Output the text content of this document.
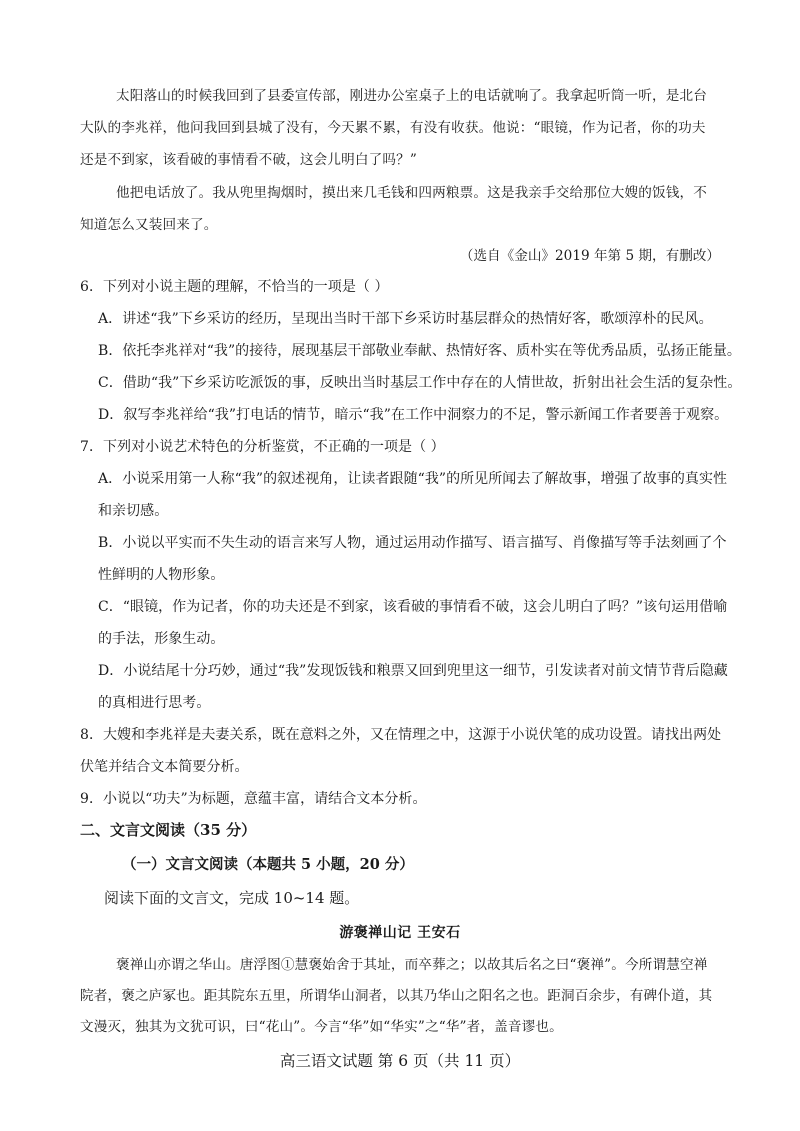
太阳落山的时候我回到了县委宣传部，刚进办公室桌子上的电话就响了。我拿起听筒一听，是北台
大队的李兆祥，他问我回到县城了没有，今天累不累，有没有收获。他说：“眼镜，作为记者，你的功夫
还是不到家，该看破的事情看不破，这会儿明白了吗？”
他把电话放了。我从兜里掏烟时，摸出来几毛钱和四两粮票。这是我亲手交给那位大嫂的饭钱，不
知道怎么又装回来了。
（选自《金山》2019 年第 5 期，有删改）
6．下列对小说主题的理解，不恰当的一项是（ ）
A．讲述“我”下乡采访的经历，呈现出当时干部下乡采访时基层群众的热情好客，歌颂淳朴的民风。
B．依托李兆祥对“我”的接待，展现基层干部敬业奉献、热情好客、质朴实在等优秀品质，弘扬正能量。
C．借助“我”下乡采访吃派饭的事，反映出当时基层工作中存在的人情世故，折射出社会生活的复杂性。
D．叙写李兆祥给“我”打电话的情节，暗示“我”在工作中洞察力的不足，警示新闻工作者要善于观察。
7．下列对小说艺术特色的分析鉴赏，不正确的一项是（ ）
A．小说采用第一人称“我”的叙述视角，让读者跟随“我”的所见所闻去了解故事，增强了故事的真实性
和亲切感。
B．小说以平实而不失生动的语言来写人物，通过运用动作描写、语言描写、肖像描写等手法刻画了个
性鲜明的人物形象。
C．“眼镜，作为记者，你的功夫还是不到家，该看破的事情看不破，这会儿明白了吗？”该句运用借喻
的手法，形象生动。
D．小说结尾十分巧妙，通过“我”发现饭钱和粮票又回到兜里这一细节，引发读者对前文情节背后隐藏
的真相进行思考。
8．大嫂和李兆祥是夫妻关系，既在意料之外，又在情理之中，这源于小说伏笔的成功设置。请找出两处
伏笔并结合文本简要分析。
9．小说以“功夫”为标题，意蕴丰富，请结合文本分析。
二、文言文阅读（35 分）
（一）文言文阅读（本题共 5 小题，20 分）
阅读下面的文言文，完成 10~14 题。
游褒禅山记 王安石
褒禅山亦谓之华山。唐浮图①慧褒始舍于其址，而卒葬之；以故其后名之曰“褒禅”。今所谓慧空禅
院者，褒之庐冢也。距其院东五里，所谓华山洞者，以其乃华山之阳名之也。距洞百余步，有碑仆道，其
文漫灭，独其为文犹可识，曰“花山”。今言“华”如“华实”之“华”者，盖音谬也。
高三语文试题 第 6 页（共 11 页）
